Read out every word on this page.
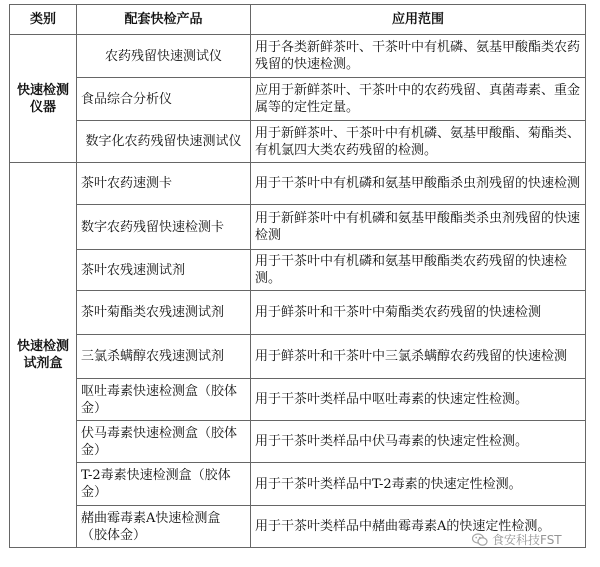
类别	配套快检产品	应用范围
快速检测仪器	农药残留快速测试仪	用于各类新鲜茶叶、干茶叶中有机磷、氨基甲酸酯类农药残留的快速检测。
	食品综合分析仪	应用于新鲜茶叶、干茶叶中的农药残留、真菌毒素、重金属等的定性定量。
	数字化农药残留快速测试仪	用于新鲜茶叶、干茶叶中有机磷、氨基甲酸酯、菊酯类、有机氯四大类农药残留的检测。
快速检测试剂盒	茶叶农药速测卡	用于干茶叶中有机磷和氨基甲酸酯杀虫剂残留的快速检测
	数字农药残留快速检测卡	用于新鲜茶叶中有机磷和氨基甲酸酯类杀虫剂残留的快速检测
	茶叶农残速测试剂	用于干茶叶中有机磷和氨基甲酸酯类农药残留的快速检测。
	茶叶菊酯类农残速测试剂	用于鲜茶叶和干茶叶中菊酯类农药残留的快速检测
	三氯杀螨醇农残速测试剂	用于鲜茶叶和干茶叶中三氯杀螨醇农药残留的快速检测
	呕吐毒素快速检测盒（胶体金）	用于干茶叶类样品中呕吐毒素的快速定性检测。
	伏马毒素快速检测盒（胶体金）	用于干茶叶类样品中伏马毒素的快速定性检测。
	T-2毒素快速检测盒（胶体金）	用于干茶叶类样品中T-2毒素的快速定性检测。
	赭曲霉毒素A快速检测盒（胶体金）	用于干茶叶类样品中赭曲霉毒素A的快速定性检测。
食安科技FST
